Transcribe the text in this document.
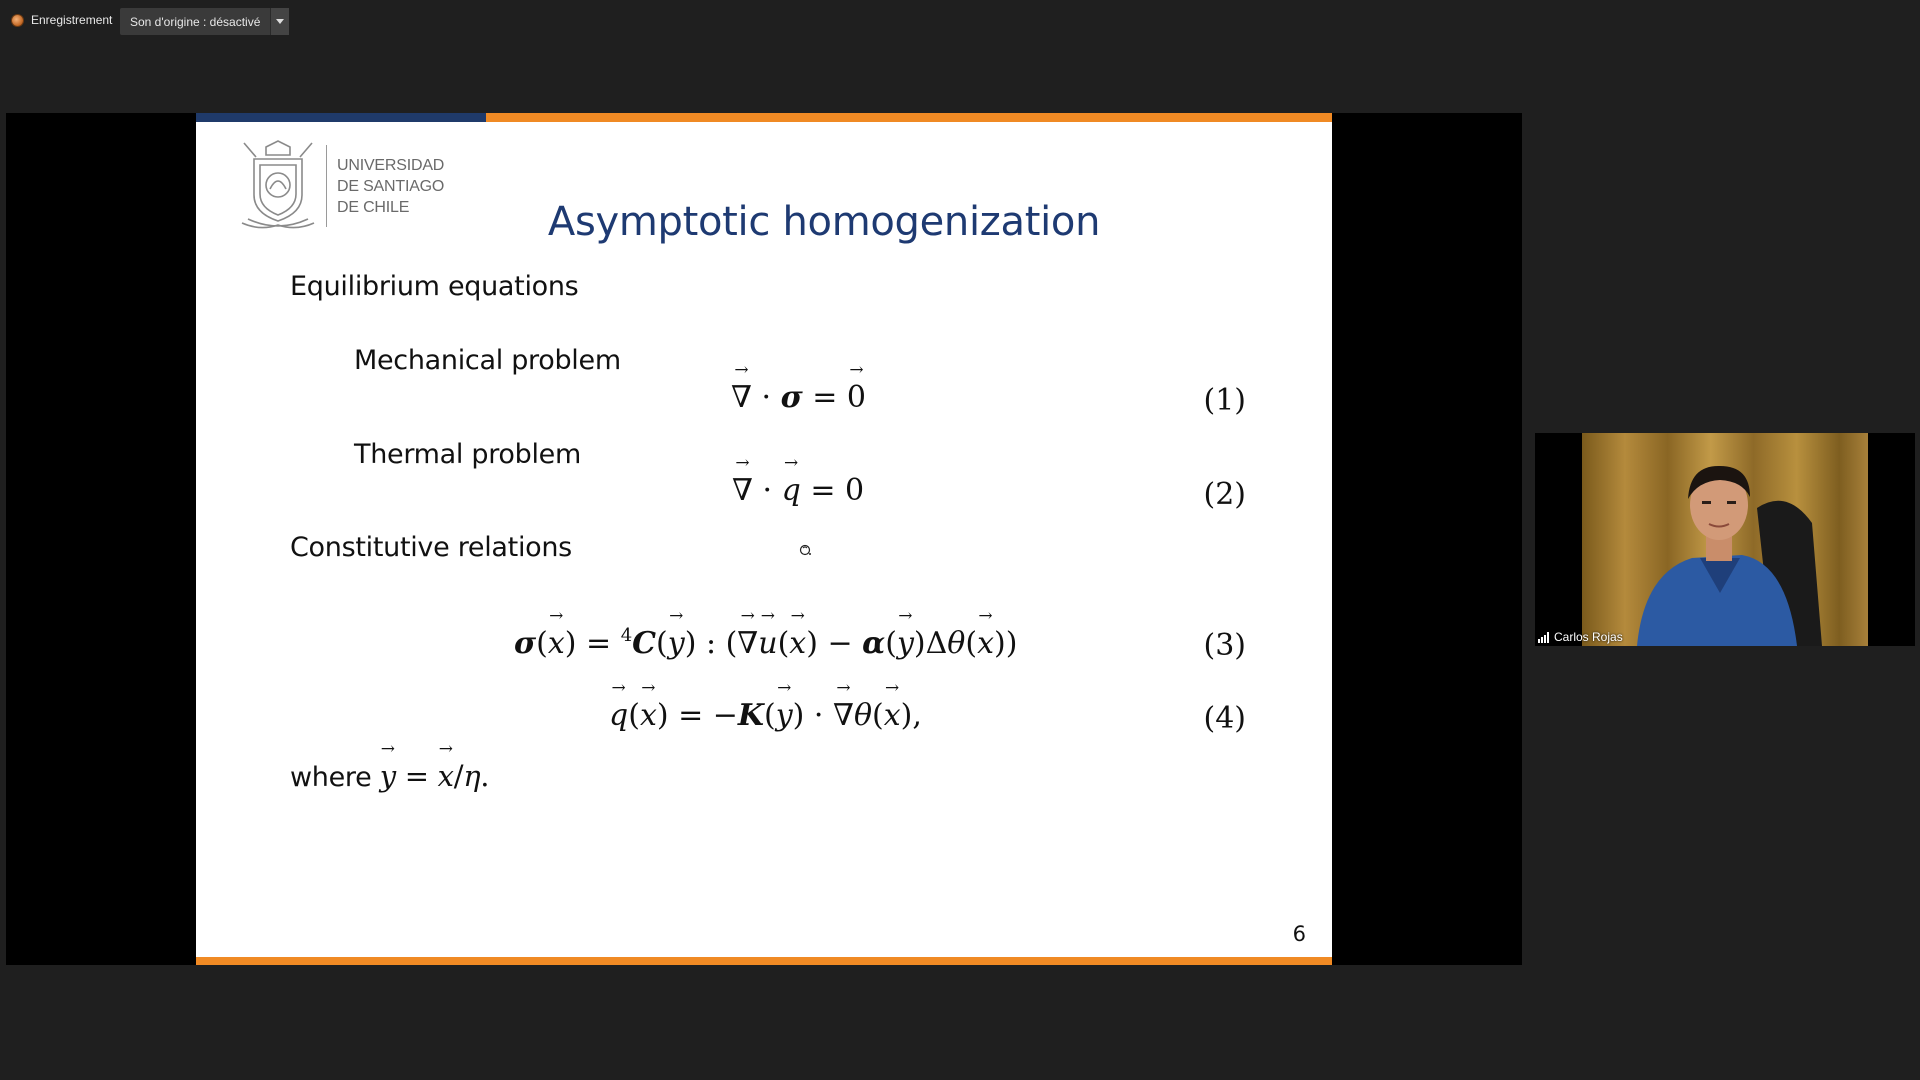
Enregistrement	Son d'origine : désactivé
UNIVERSIDAD
DE SANTIAGO
DE CHILE	Asymptotic homogenization
Equilibrium equations
Mechanical problem
→ ∇ · σ = → 0	(1)
Thermal problem
→ ∇ · → q = 0	(2)
Constitutive relations
σ(→ x) = $^4$C(→ y) : (→ ∇→ u(→ x) − α(→ y)Δθ(→ x))	(3)
→ q(→ x) = −K(→ y) · → ∇θ(→ x),	(4)
where → y = → x/η.
6
Carlos Rojas
